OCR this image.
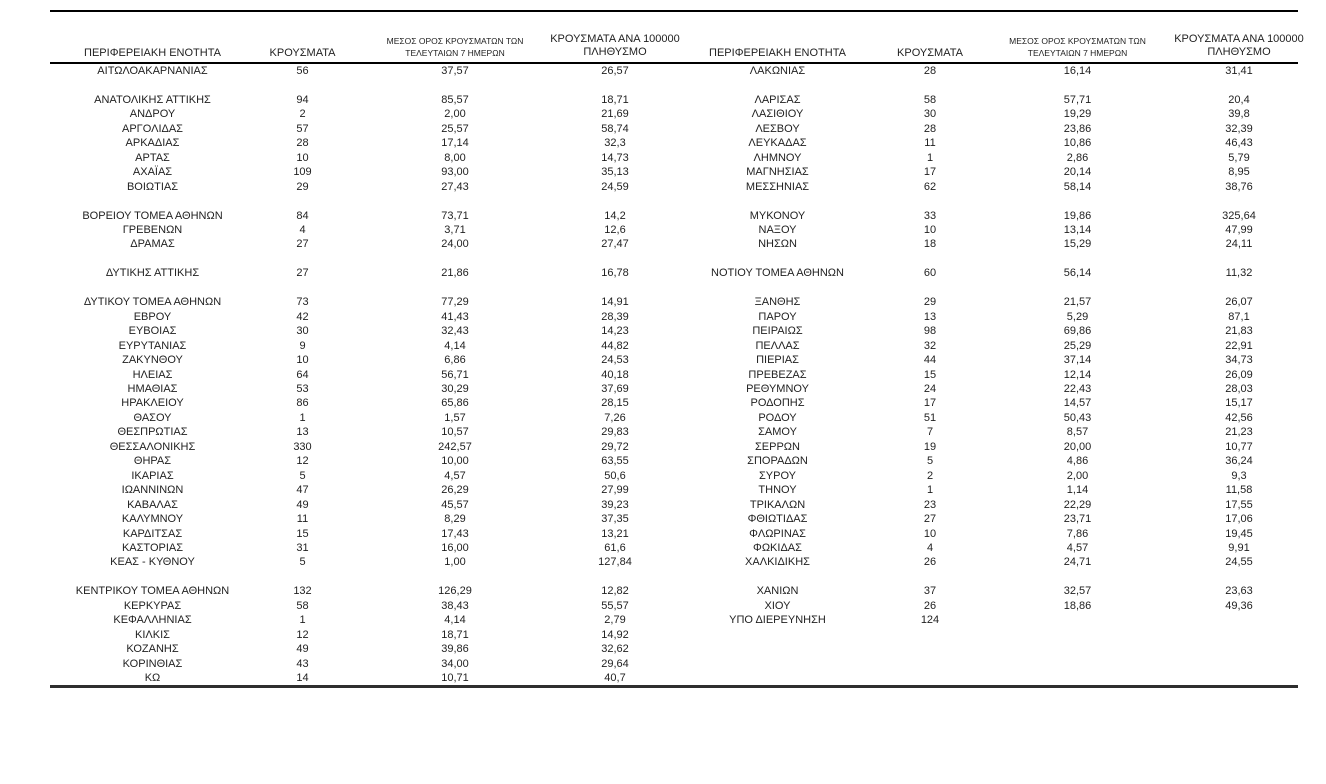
ΠΕΡΙΦΕΡΕΙΑΚΗ ΕΝΟΤΗΤΑ	ΚΡΟΥΣΜΑΤΑ	ΜΕΣΟΣ ΟΡΟΣ ΚΡΟΥΣΜΑΤΩΝ ΤΩΝ
ΤΕΛΕΥΤΑΙΩΝ 7 ΗΜΕΡΩΝ	ΚΡΟΥΣΜΑΤΑ ΑΝΑ 100000
ΠΛΗΘΥΣΜΟ	ΠΕΡΙΦΕΡΕΙΑΚΗ ΕΝΟΤΗΤΑ	ΚΡΟΥΣΜΑΤΑ	ΜΕΣΟΣ ΟΡΟΣ ΚΡΟΥΣΜΑΤΩΝ ΤΩΝ
ΤΕΛΕΥΤΑΙΩΝ 7 ΗΜΕΡΩΝ	ΚΡΟΥΣΜΑΤΑ ΑΝΑ 100000
ΠΛΗΘΥΣΜΟ

ΑΙΤΩΛΟΑΚΑΡΝΑΝΙΑΣ	56	37,57	26,57	ΛΑΚΩΝΙΑΣ	28	16,14	31,41

ΑΝΑΤΟΛΙΚΗΣ ΑΤΤΙΚΗΣ	94	85,57	18,71	ΛΑΡΙΣΑΣ	58	57,71	20,4
ΑΝΔΡΟΥ	2	2,00	21,69	ΛΑΣΙΘΙΟΥ	30	19,29	39,8
ΑΡΓΟΛΙΔΑΣ	57	25,57	58,74	ΛΕΣΒΟΥ	28	23,86	32,39
ΑΡΚΑΔΙΑΣ	28	17,14	32,3	ΛΕΥΚΑΔΑΣ	11	10,86	46,43
ΑΡΤΑΣ	10	8,00	14,73	ΛΗΜΝΟΥ	1	2,86	5,79
ΑΧΑΪΑΣ	109	93,00	35,13	ΜΑΓΝΗΣΙΑΣ	17	20,14	8,95
ΒΟΙΩΤΙΑΣ	29	27,43	24,59	ΜΕΣΣΗΝΙΑΣ	62	58,14	38,76

ΒΟΡΕΙΟΥ ΤΟΜΕΑ ΑΘΗΝΩΝ	84	73,71	14,2	ΜΥΚΟΝΟΥ	33	19,86	325,64
ΓΡΕΒΕΝΩΝ	4	3,71	12,6	ΝΑΞΟΥ	10	13,14	47,99
ΔΡΑΜΑΣ	27	24,00	27,47	ΝΗΣΩΝ	18	15,29	24,11

ΔΥΤΙΚΗΣ ΑΤΤΙΚΗΣ	27	21,86	16,78	ΝΟΤΙΟΥ ΤΟΜΕΑ ΑΘΗΝΩΝ	60	56,14	11,32

ΔΥΤΙΚΟΥ ΤΟΜΕΑ ΑΘΗΝΩΝ	73	77,29	14,91	ΞΑΝΘΗΣ	29	21,57	26,07
ΕΒΡΟΥ	42	41,43	28,39	ΠΑΡΟΥ	13	5,29	87,1
ΕΥΒΟΙΑΣ	30	32,43	14,23	ΠΕΙΡΑΙΩΣ	98	69,86	21,83
ΕΥΡΥΤΑΝΙΑΣ	9	4,14	44,82	ΠΕΛΛΑΣ	32	25,29	22,91
ΖΑΚΥΝΘΟΥ	10	6,86	24,53	ΠΙΕΡΙΑΣ	44	37,14	34,73
ΗΛΕΙΑΣ	64	56,71	40,18	ΠΡΕΒΕΖΑΣ	15	12,14	26,09
ΗΜΑΘΙΑΣ	53	30,29	37,69	ΡΕΘΥΜΝΟΥ	24	22,43	28,03
ΗΡΑΚΛΕΙΟΥ	86	65,86	28,15	ΡΟΔΟΠΗΣ	17	14,57	15,17
ΘΑΣΟΥ	1	1,57	7,26	ΡΟΔΟΥ	51	50,43	42,56
ΘΕΣΠΡΩΤΙΑΣ	13	10,57	29,83	ΣΑΜΟΥ	7	8,57	21,23
ΘΕΣΣΑΛΟΝΙΚΗΣ	330	242,57	29,72	ΣΕΡΡΩΝ	19	20,00	10,77
ΘΗΡΑΣ	12	10,00	63,55	ΣΠΟΡΑΔΩΝ	5	4,86	36,24
ΙΚΑΡΙΑΣ	5	4,57	50,6	ΣΥΡΟΥ	2	2,00	9,3
ΙΩΑΝΝΙΝΩΝ	47	26,29	27,99	ΤΗΝΟΥ	1	1,14	11,58
ΚΑΒΑΛΑΣ	49	45,57	39,23	ΤΡΙΚΑΛΩΝ	23	22,29	17,55
ΚΑΛΥΜΝΟΥ	11	8,29	37,35	ΦΘΙΩΤΙΔΑΣ	27	23,71	17,06
ΚΑΡΔΙΤΣΑΣ	15	17,43	13,21	ΦΛΩΡΙΝΑΣ	10	7,86	19,45
ΚΑΣΤΟΡΙΑΣ	31	16,00	61,6	ΦΩΚΙΔΑΣ	4	4,57	9,91
ΚΕΑΣ - ΚΥΘΝΟΥ	5	1,00	127,84	ΧΑΛΚΙΔΙΚΗΣ	26	24,71	24,55

ΚΕΝΤΡΙΚΟΥ ΤΟΜΕΑ ΑΘΗΝΩΝ	132	126,29	12,82	ΧΑΝΙΩΝ	37	32,57	23,63
ΚΕΡΚΥΡΑΣ	58	38,43	55,57	ΧΙΟΥ	26	18,86	49,36
ΚΕΦΑΛΛΗΝΙΑΣ	1	4,14	2,79	ΥΠΟ ΔΙΕΡΕΥΝΗΣΗ	124		
ΚΙΛΚΙΣ	12	18,71	14,92				
ΚΟΖΑΝΗΣ	49	39,86	32,62				
ΚΟΡΙΝΘΙΑΣ	43	34,00	29,64				
ΚΩ	14	10,71	40,7				
